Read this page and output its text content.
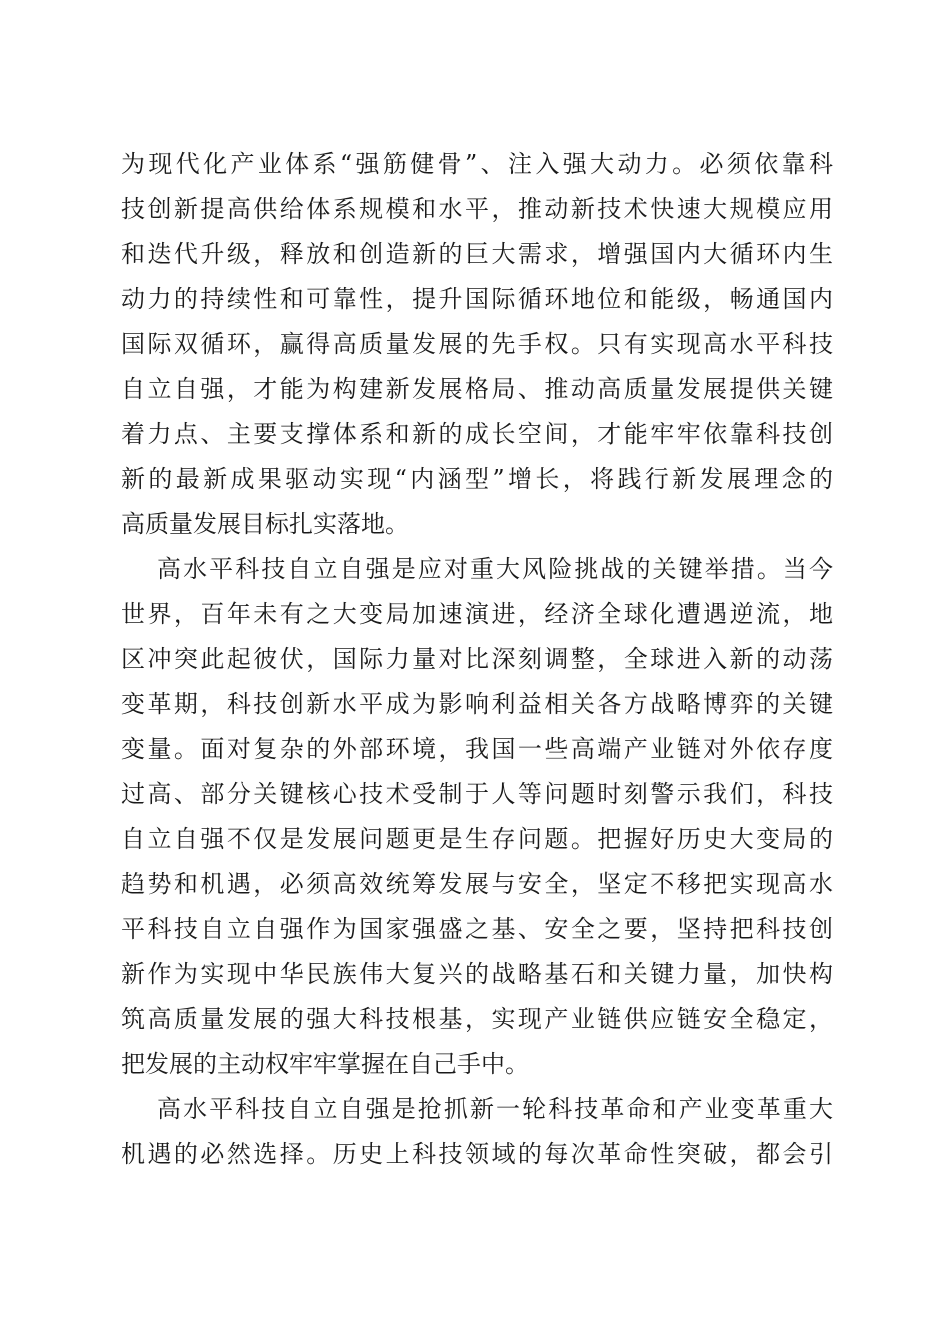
为现代化产业体系“强筋健骨”、注入强大动力。必须依靠科
技创新提高供给体系规模和水平，推动新技术快速大规模应用
和迭代升级，释放和创造新的巨大需求，增强国内大循环内生
动力的持续性和可靠性，提升国际循环地位和能级，畅通国内
国际双循环，赢得高质量发展的先手权。只有实现高水平科技
自立自强，才能为构建新发展格局、推动高质量发展提供关键
着力点、主要支撑体系和新的成长空间，才能牢牢依靠科技创
新的最新成果驱动实现“内涵型”增长，将践行新发展理念的
高质量发展目标扎实落地。
高水平科技自立自强是应对重大风险挑战的关键举措。当今
世界，百年未有之大变局加速演进，经济全球化遭遇逆流，地
区冲突此起彼伏，国际力量对比深刻调整，全球进入新的动荡
变革期，科技创新水平成为影响利益相关各方战略博弈的关键
变量。面对复杂的外部环境，我国一些高端产业链对外依存度
过高、部分关键核心技术受制于人等问题时刻警示我们，科技
自立自强不仅是发展问题更是生存问题。把握好历史大变局的
趋势和机遇，必须高效统筹发展与安全，坚定不移把实现高水
平科技自立自强作为国家强盛之基、安全之要，坚持把科技创
新作为实现中华民族伟大复兴的战略基石和关键力量，加快构
筑高质量发展的强大科技根基，实现产业链供应链安全稳定，
把发展的主动权牢牢掌握在自己手中。
高水平科技自立自强是抢抓新一轮科技革命和产业变革重大
机遇的必然选择。历史上科技领域的每次革命性突破，都会引
